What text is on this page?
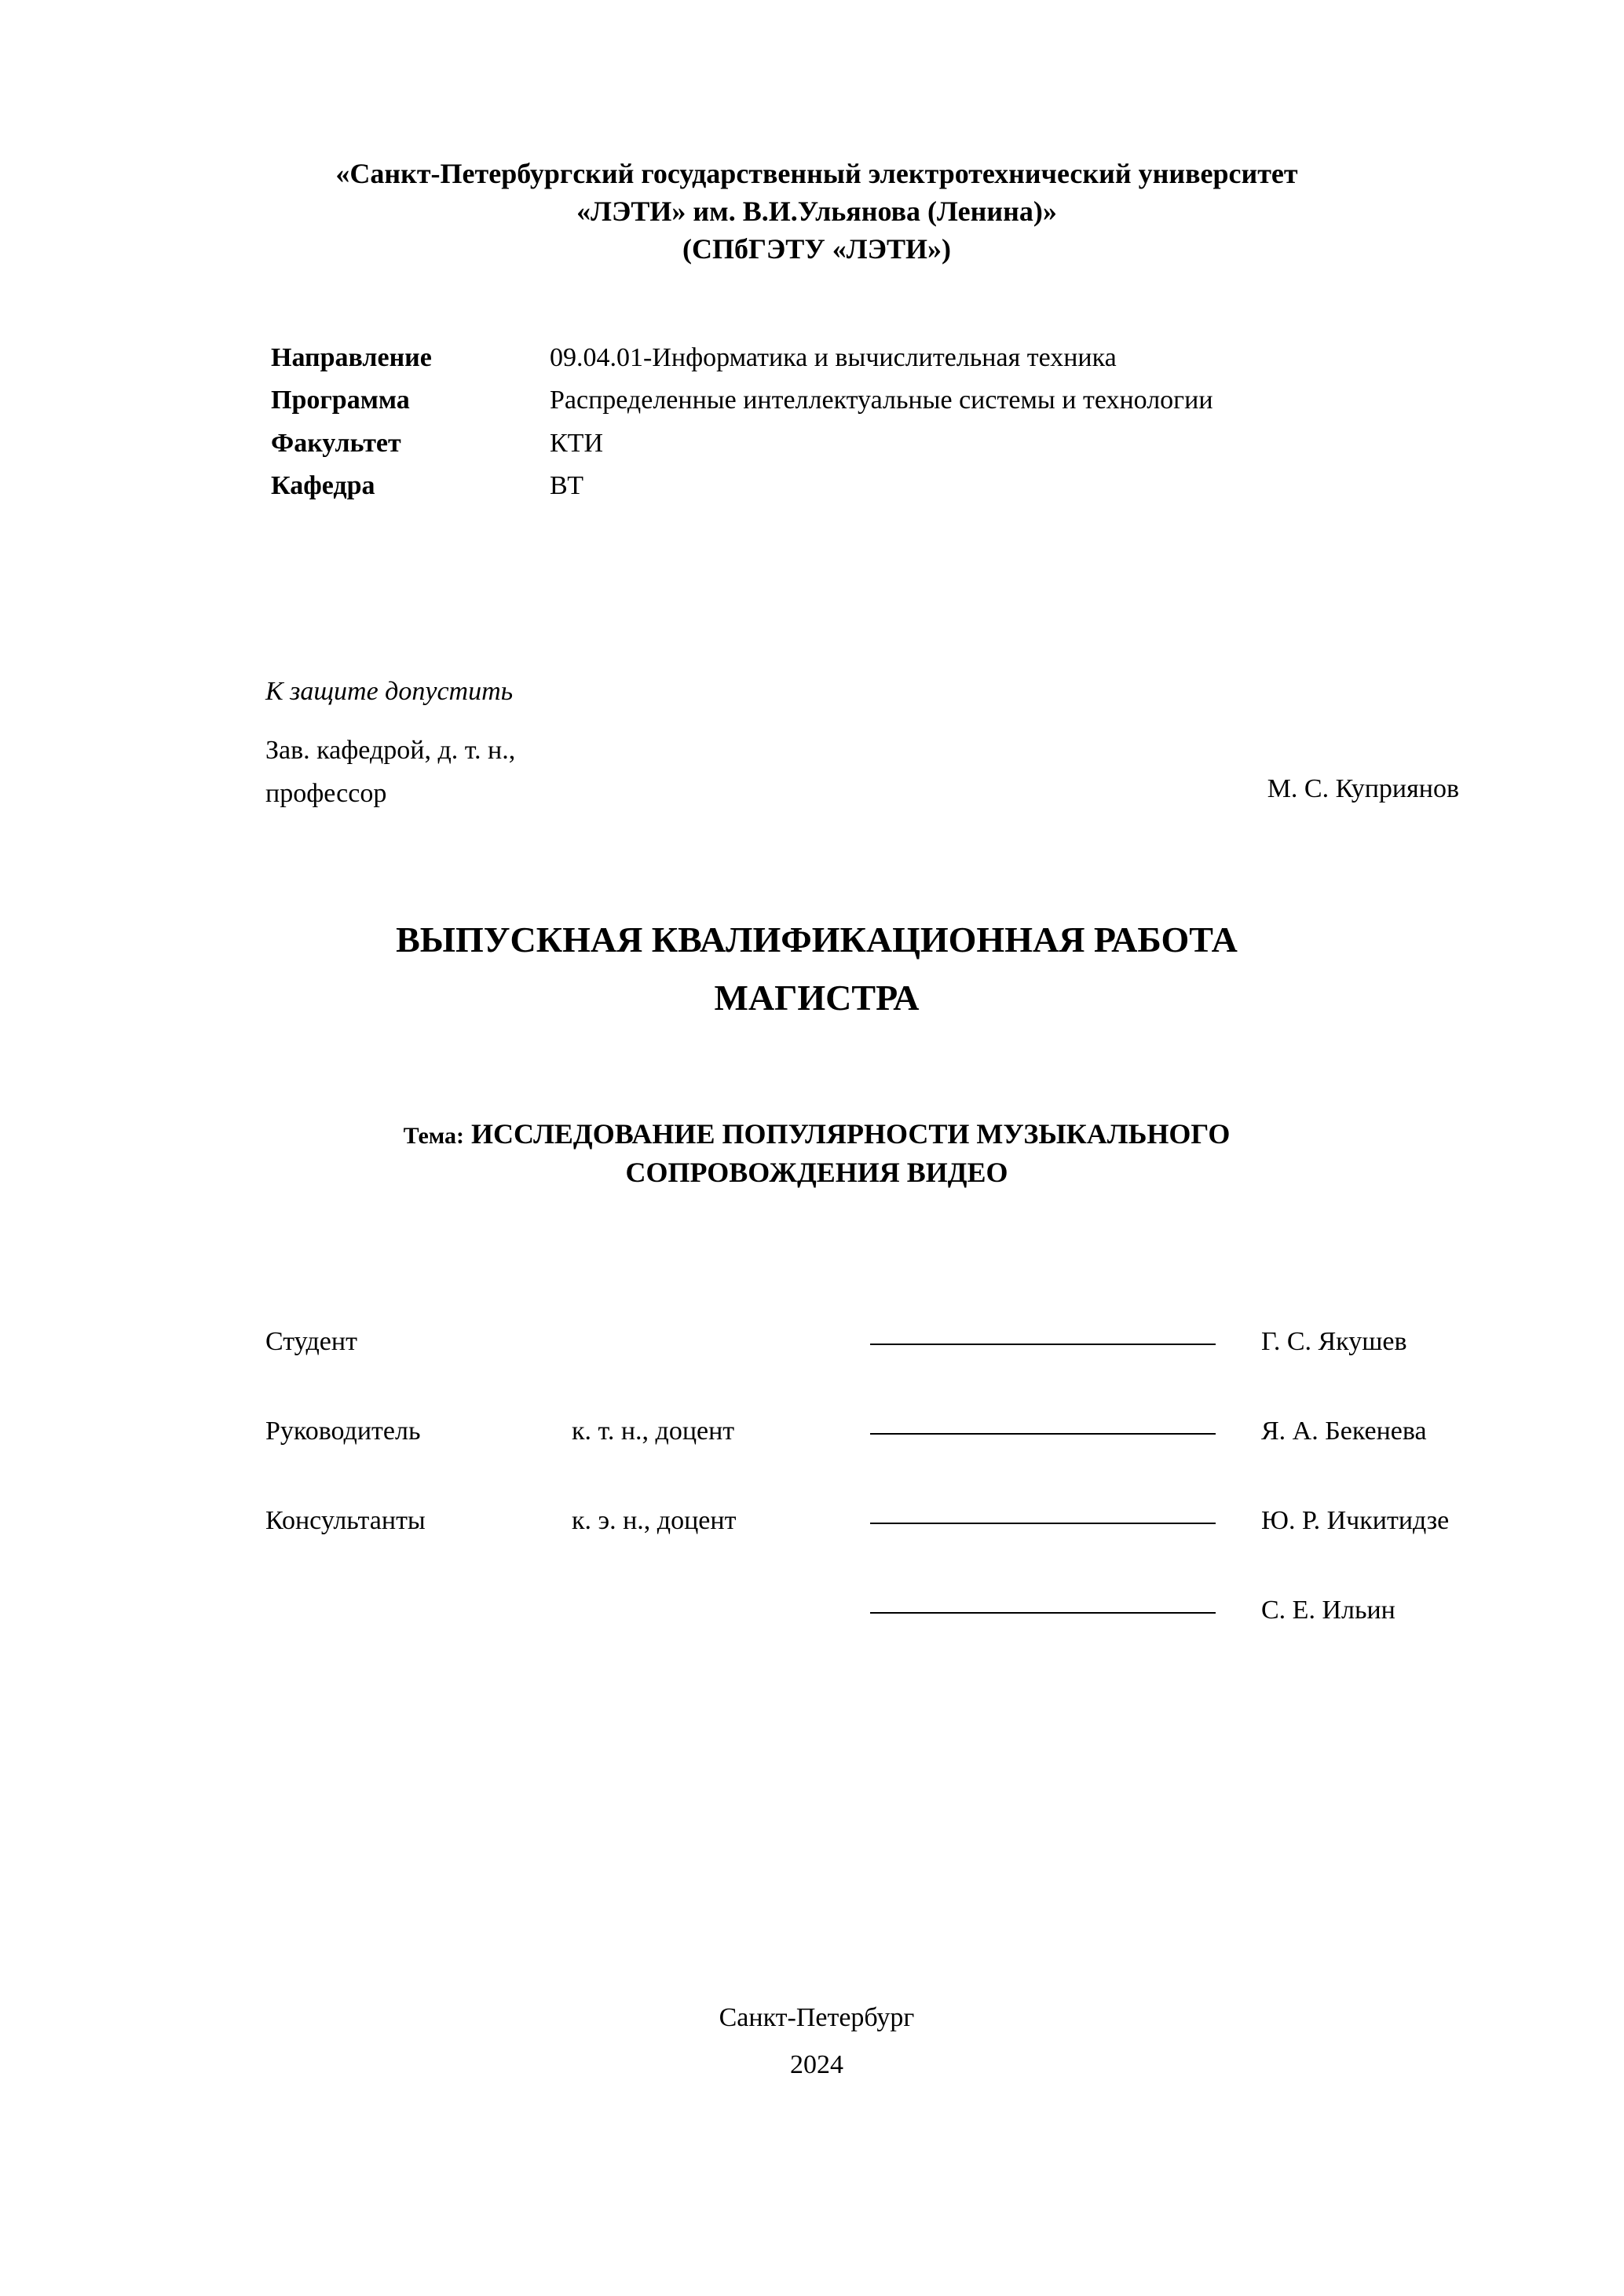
«Санкт-Петербургский государственный электротехнический университет
«ЛЭТИ» им. В.И.Ульянова (Ленина)»
(СПбГЭТУ «ЛЭТИ»)
Направление	09.04.01-Информатика и вычислительная техника
Программа	Распределенные интеллектуальные системы и технологии
Факультет	КТИ
Кафедра	ВТ
К защите допустить
Зав. кафедрой, д. т. н.,
профессор	М. С. Куприянов
ВЫПУСКНАЯ КВАЛИФИКАЦИОННАЯ РАБОТА
МАГИСТРА
Тема: ИССЛЕДОВАНИЕ ПОПУЛЯРНОСТИ МУЗЫКАЛЬНОГО
СОПРОВОЖДЕНИЯ ВИДЕО
Студент	Г. С. Якушев
Руководитель	к. т. н., доцент	Я. А. Бекенева
Консультанты	к. э. н., доцент	Ю. Р. Ичкитидзе
С. Е. Ильин
Санкт-Петербург
2024
